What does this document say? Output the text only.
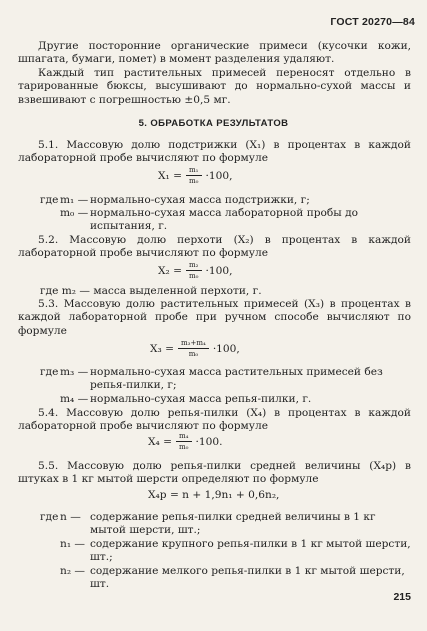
ГОСТ 20270—84
Другие посторонние органические примеси (кусочки кожи, шпагата, бумаги, помет) в момент разделения удаляют.
Каждый тип растительных примесей переносят отдельно в тарированные бюксы, высушивают до нормально-сухой массы и взвешивают с погрешностью ±0,5 мг.
5. ОБРАБОТКА РЕЗУЛЬТАТОВ
5.1. Массовую долю подстрижки (X₁) в процентах в каждой лабораторной пробе вычисляют по формуле
$X_1 = \frac{\text{m₁}}{\text{m₀}} \cdot 100$,
где m₁ — нормально-сухая масса подстрижки, г;
m₀ — нормально-сухая масса лабораторной пробы до испытания, г.
5.2. Массовую долю перхоти (X₂) в процентах в каждой лабораторной пробе вычисляют по формуле
$X_2 = \frac{\text{m₂}}{\text{m₀}} \cdot 100$,
где m₂ — масса выделенной перхоти, г.
5.3. Массовую долю растительных примесей (X₃) в процентах в каждой лабораторной пробе при ручном способе вычисляют по формуле
$X_3 = \frac{\text{m₃+m₄}}{\text{m₀}} \cdot 100$,
где m₃ — нормально-сухая масса растительных примесей без репья-пилки, г;
m₄ — нормально-сухая масса репья-пилки, г.
5.4. Массовую долю репья-пилки (X₄) в процентах в каждой лабораторной пробе вычисляют по формуле
$X_4 = \frac{\text{m₄}}{\text{m₀}} \cdot 100$.
5.5. Массовую долю репья-пилки средней величины (X₄р) в штуках в 1 кг мытой шерсти определяют по формуле
X₄р = n + 1,9n₁ + 0,6n₂,
где n — содержание репья-пилки средней величины в 1 кг мытой шерсти, шт.;
n₁ — содержание крупного репья-пилки в 1 кг мытой шерсти, шт.;
n₂ — содержание мелкого репья-пилки в 1 кг мытой шерсти, шт.
215
